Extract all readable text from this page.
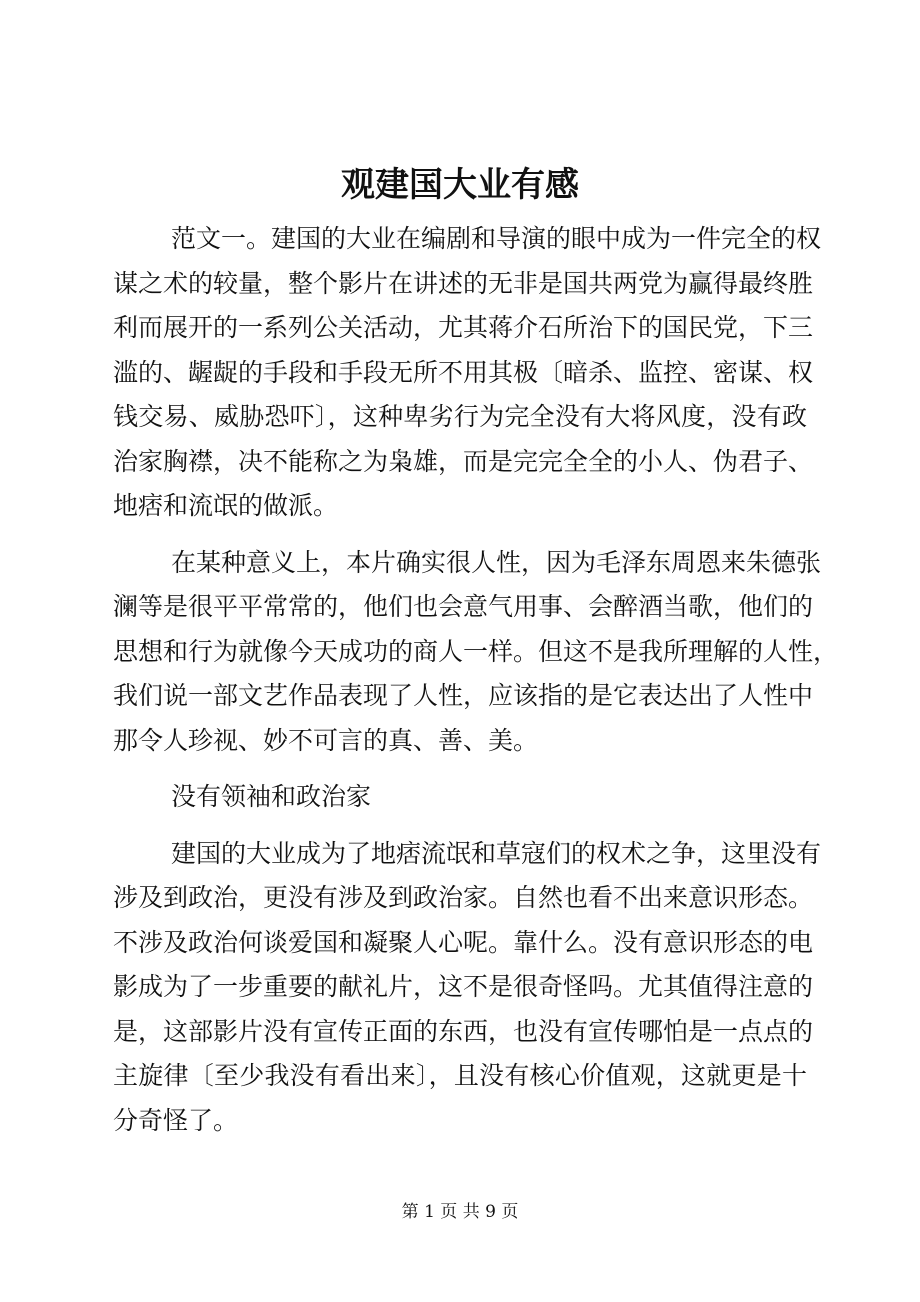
观建国大业有感
范文一。建国的大业在编剧和导演的眼中成为一件完全的权
谋之术的较量，整个影片在讲述的无非是国共两党为赢得最终胜
利而展开的一系列公关活动，尤其蒋介石所治下的国民党，下三
滥的、龌龊的手段和手段无所不用其极〔暗杀、监控、密谋、权
钱交易、威胁恐吓〕，这种卑劣行为完全没有大将风度，没有政
治家胸襟，决不能称之为枭雄，而是完完全全的小人、伪君子、
地痞和流氓的做派。
在某种意义上，本片确实很人性，因为毛泽东周恩来朱德张
澜等是很平平常常的，他们也会意气用事、会醉酒当歌，他们的
思想和行为就像今天成功的商人一样。但这不是我所理解的人性，
我们说一部文艺作品表现了人性，应该指的是它表达出了人性中
那令人珍视、妙不可言的真、善、美。
没有领袖和政治家
建国的大业成为了地痞流氓和草寇们的权术之争，这里没有
涉及到政治，更没有涉及到政治家。自然也看不出来意识形态。
不涉及政治何谈爱国和凝聚人心呢。靠什么。没有意识形态的电
影成为了一步重要的献礼片，这不是很奇怪吗。尤其值得注意的
是，这部影片没有宣传正面的东西，也没有宣传哪怕是一点点的
主旋律〔至少我没有看出来〕，且没有核心价值观，这就更是十
分奇怪了。
第 1 页 共 9 页
